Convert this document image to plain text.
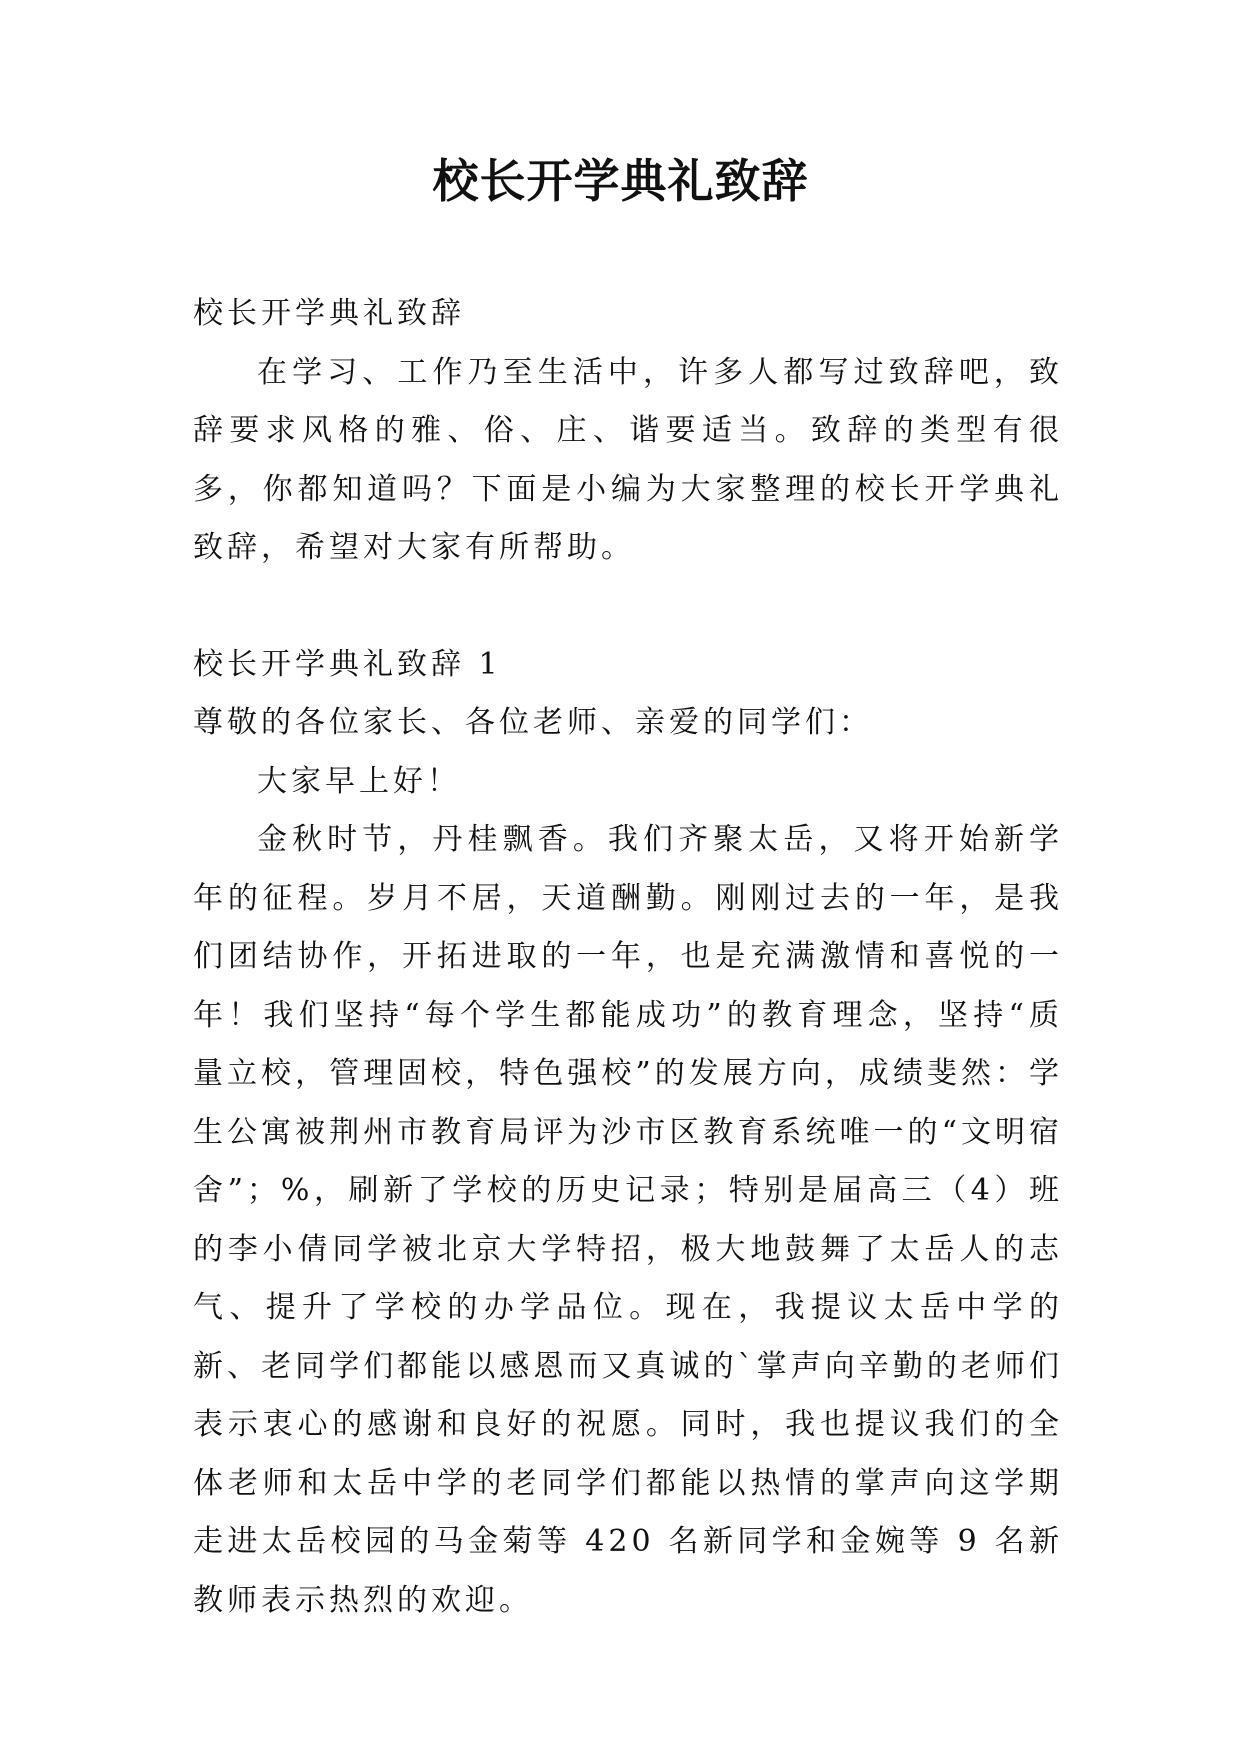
校长开学典礼致辞

校长开学典礼致辞

在学习、工作乃至生活中，许多人都写过致辞吧，致辞要求风格的雅、俗、庄、谐要适当。致辞的类型有很多，你都知道吗？下面是小编为大家整理的校长开学典礼致辞，希望对大家有所帮助。

校长开学典礼致辞 1

尊敬的各位家长、各位老师、亲爱的同学们：

大家早上好！

金秋时节，丹桂飘香。我们齐聚太岳，又将开始新学年的征程。岁月不居，天道酬勤。刚刚过去的一年，是我们团结协作，开拓进取的一年，也是充满激情和喜悦的一年！我们坚持“每个学生都能成功”的教育理念，坚持“质量立校，管理固校，特色强校”的发展方向，成绩斐然：学生公寓被荆州市教育局评为沙市区教育系统唯一的“文明宿舍”；%，刷新了学校的历史记录；特别是届高三（4）班的李小倩同学被北京大学特招，极大地鼓舞了太岳人的志气、提升了学校的办学品位。现在，我提议太岳中学的新、老同学们都能以感恩而又真诚的`掌声向辛勤的老师们表示衷心的感谢和良好的祝愿。同时，我也提议我们的全体老师和太岳中学的老同学们都能以热情的掌声向这学期走进太岳校园的马金菊等 420 名新同学和金婉等 9 名新教师表示热烈的欢迎。
